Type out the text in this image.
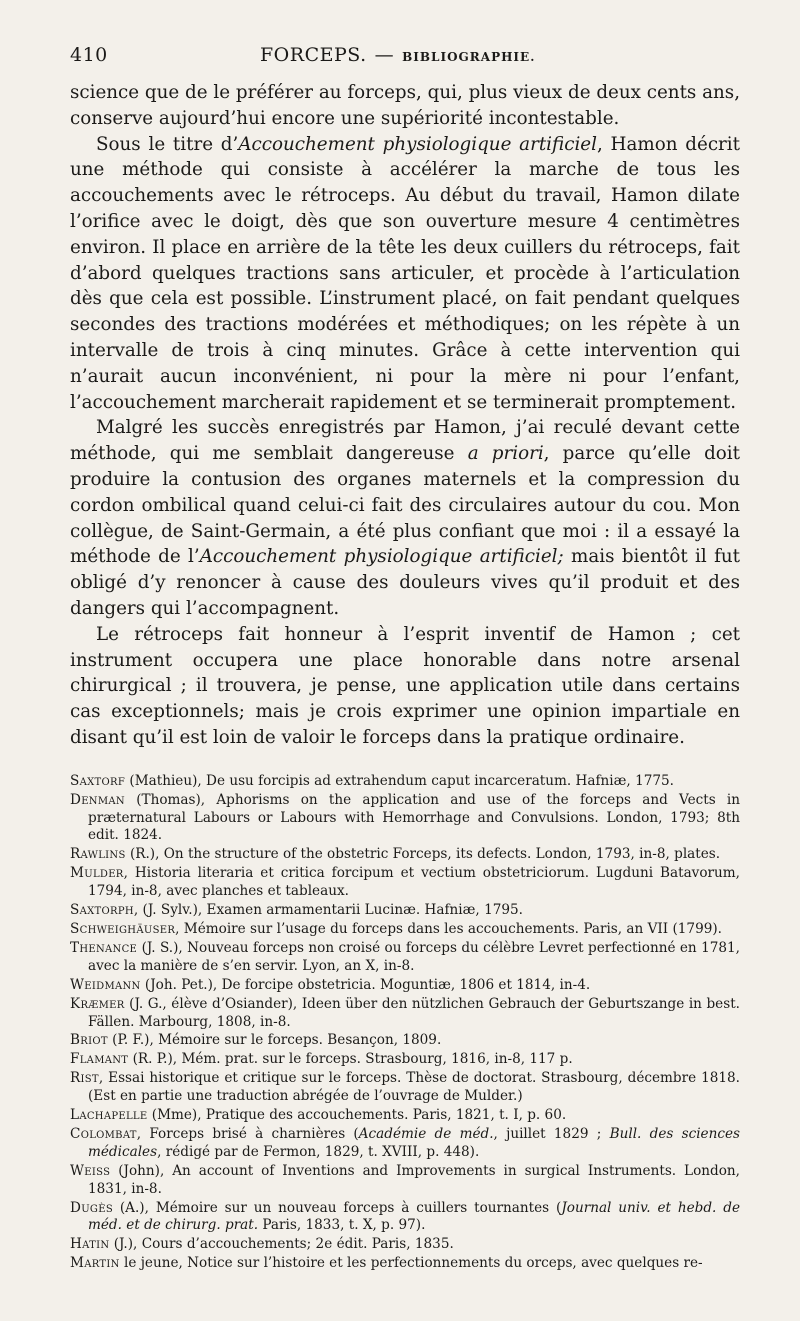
410	FORCEPS. — BIBLIOGRAPHIE.

science que de le préférer au forceps, qui, plus vieux de deux cents ans, conserve aujourd’hui encore une supériorité incontestable.

Sous le titre d’Accouchement physiologique artificiel, Hamon décrit une méthode qui consiste à accélérer la marche de tous les accouchements avec le rétroceps. Au début du travail, Hamon dilate l’orifice avec le doigt, dès que son ouverture mesure 4 centimètres environ. Il place en arrière de la tête les deux cuillers du rétroceps, fait d’abord quelques tractions sans articuler, et procède à l’articulation dès que cela est possible. L’instrument placé, on fait pendant quelques secondes des tractions modérées et méthodiques; on les répète à un intervalle de trois à cinq minutes. Grâce à cette intervention qui n’aurait aucun inconvénient, ni pour la mère ni pour l’enfant, l’accouchement marcherait rapidement et se terminerait promptement.

Malgré les succès enregistrés par Hamon, j’ai reculé devant cette méthode, qui me semblait dangereuse a priori, parce qu’elle doit produire la contusion des organes maternels et la compression du cordon ombilical quand celui-ci fait des circulaires autour du cou. Mon collègue, de Saint-Germain, a été plus confiant que moi : il a essayé la méthode de l’Accouchement physiologique artificiel; mais bientôt il fut obligé d’y renoncer à cause des douleurs vives qu’il produit et des dangers qui l’accompagnent.

Le rétroceps fait honneur à l’esprit inventif de Hamon ; cet instrument occupera une place honorable dans notre arsenal chirurgical ; il trouvera, je pense, une application utile dans certains cas exceptionnels; mais je crois exprimer une opinion impartiale en disant qu’il est loin de valoir le forceps dans la pratique ordinaire.

Saxtorf (Mathieu), De usu forcipis ad extrahendum caput incarceratum. Hafniæ, 1775.
Denman (Thomas), Aphorisms on the application and use of the forceps and Vects in præternatural Labours or Labours with Hemorrhage and Convulsions. London, 1793; 8th edit. 1824.
Rawlins (R.), On the structure of the obstetric Forceps, its defects. London, 1793, in-8, plates.
Mulder, Historia literaria et critica forcipum et vectium obstetriciorum. Lugduni Batavorum, 1794, in-8, avec planches et tableaux.
Saxtorph, (J. Sylv.), Examen armamentarii Lucinæ. Hafniæ, 1795.
Schweighäuser, Mémoire sur l’usage du forceps dans les accouchements. Paris, an VII (1799).
Thenance (J. S.), Nouveau forceps non croisé ou forceps du célèbre Levret perfectionné en 1781, avec la manière de s’en servir. Lyon, an X, in-8.
Weidmann (Joh. Pet.), De forcipe obstetricia. Moguntiæ, 1806 et 1814, in-4.
Kræmer (J. G., élève d’Osiander), Ideen über den nützlichen Gebrauch der Geburtszange in best. Fällen. Marbourg, 1808, in-8.
Briot (P. F.), Mémoire sur le forceps. Besançon, 1809.
Flamant (R. P.), Mém. prat. sur le forceps. Strasbourg, 1816, in-8, 117 p.
Rist, Essai historique et critique sur le forceps. Thèse de doctorat. Strasbourg, décembre 1818. (Est en partie une traduction abrégée de l’ouvrage de Mulder.)
Lachapelle (Mme), Pratique des accouchements. Paris, 1821, t. I, p. 60.
Colombat, Forceps brisé à charnières (Académie de méd., juillet 1829 ; Bull. des sciences médicales, rédigé par de Fermon, 1829, t. XVIII, p. 448).
Weiss (John), An account of Inventions and Improvements in surgical Instruments. London, 1831, in-8.
Dugès (A.), Mémoire sur un nouveau forceps à cuillers tournantes (Journal univ. et hebd. de méd. et de chirurg. prat. Paris, 1833, t. X, p. 97).
Hatin (J.), Cours d’accouchements; 2e édit. Paris, 1835.
Martin le jeune, Notice sur l’histoire et les perfectionnements du orceps, avec quelques re-
